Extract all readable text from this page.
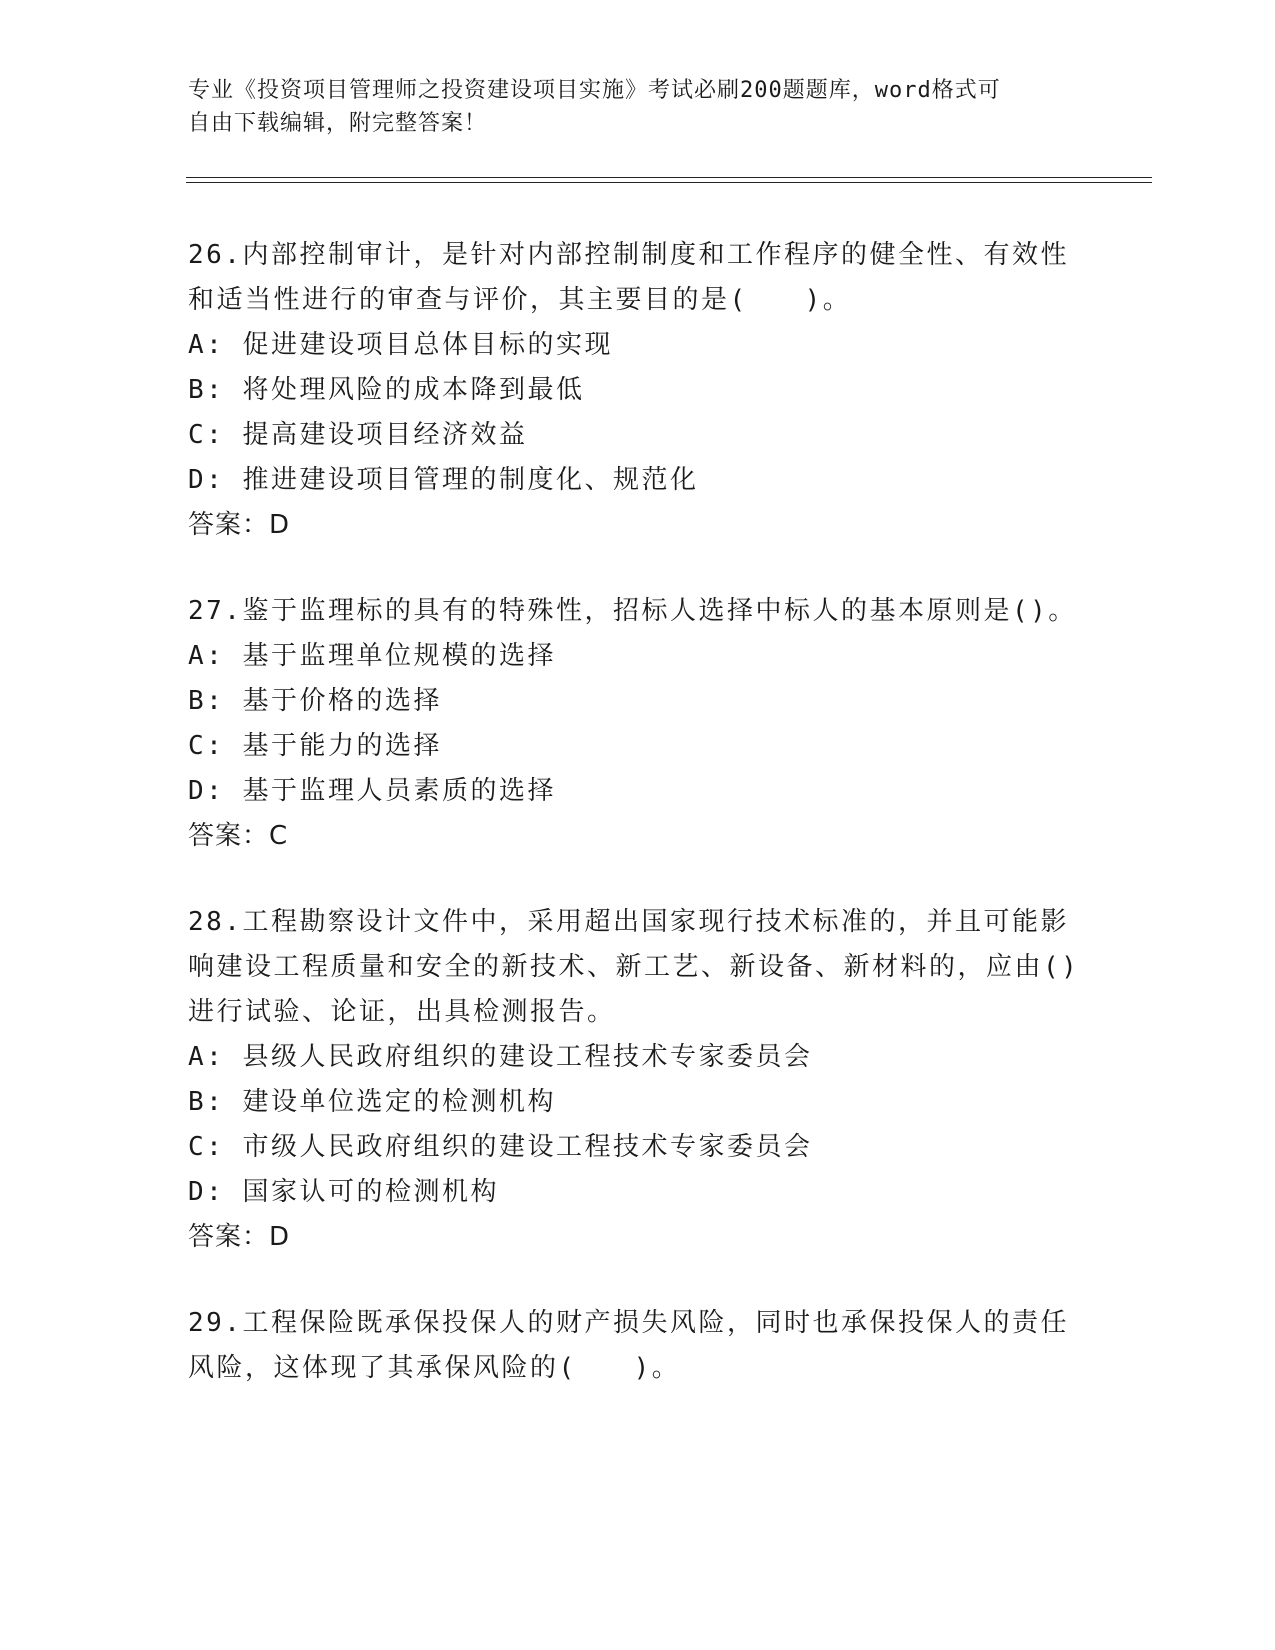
专业《投资项目管理师之投资建设项目实施》考试必刷200题题库，word格式可
自由下载编辑，附完整答案！

26.内部控制审计，是针对内部控制制度和工作程序的健全性、有效性和适当性进行的审查与评价，其主要目的是(　　)。

A: 促进建设项目总体目标的实现

B: 将处理风险的成本降到最低

C: 提高建设项目经济效益

D: 推进建设项目管理的制度化、规范化

答案：D

27.鉴于监理标的具有的特殊性，招标人选择中标人的基本原则是()。

A: 基于监理单位规模的选择

B: 基于价格的选择

C: 基于能力的选择

D: 基于监理人员素质的选择

答案：C

28.工程勘察设计文件中，采用超出国家现行技术标准的，并且可能影响建设工程质量和安全的新技术、新工艺、新设备、新材料的，应由()进行试验、论证，出具检测报告。

A: 县级人民政府组织的建设工程技术专家委员会

B: 建设单位选定的检测机构

C: 市级人民政府组织的建设工程技术专家委员会

D: 国家认可的检测机构

答案：D

29.工程保险既承保投保人的财产损失风险，同时也承保投保人的责任风险，这体现了其承保风险的(　　)。
